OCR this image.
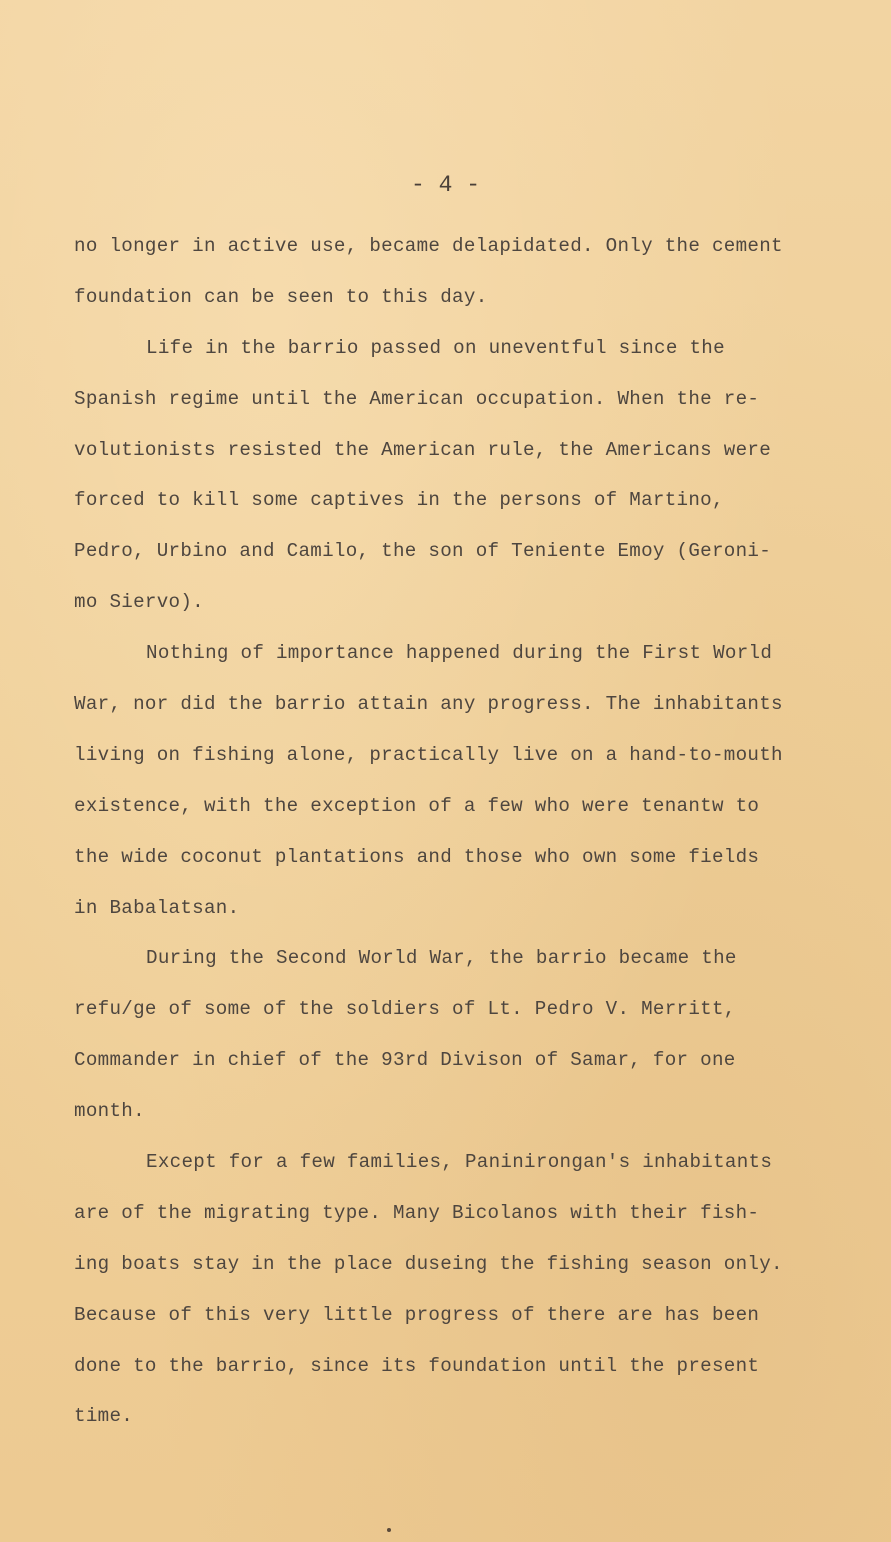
- 4 -
no longer in active use, became delapidated. Only the cement
foundation can be seen to this day.
Life in the barrio passed on uneventful since the
Spanish regime until the American occupation. When the re-
volutionists resisted the American rule, the Americans were
forced to kill some captives in the persons of Martino,
Pedro, Urbino and Camilo, the son of Teniente Emoy (Geroni-
mo Siervo).
Nothing of importance happened during the First World
War, nor did the barrio attain any progress. The inhabitants
living on fishing alone, practically live on a hand-to-mouth
existence, with the exception of a few who were tenantw to
the wide coconut plantations and those who own some fields
in Babalatsan.
During the Second World War, the barrio became the
refu/ge of some of the soldiers of Lt. Pedro V. Merritt,
Commander in chief of the 93rd Divison of Samar, for one
month.
Except for a few families, Paninirongan's inhabitants
are of the migrating type. Many Bicolanos with their fish-
ing boats stay in the place duseing the fishing season only.
Because of this very little progress of there are has been
done to the barrio, since its foundation until the present
time.
